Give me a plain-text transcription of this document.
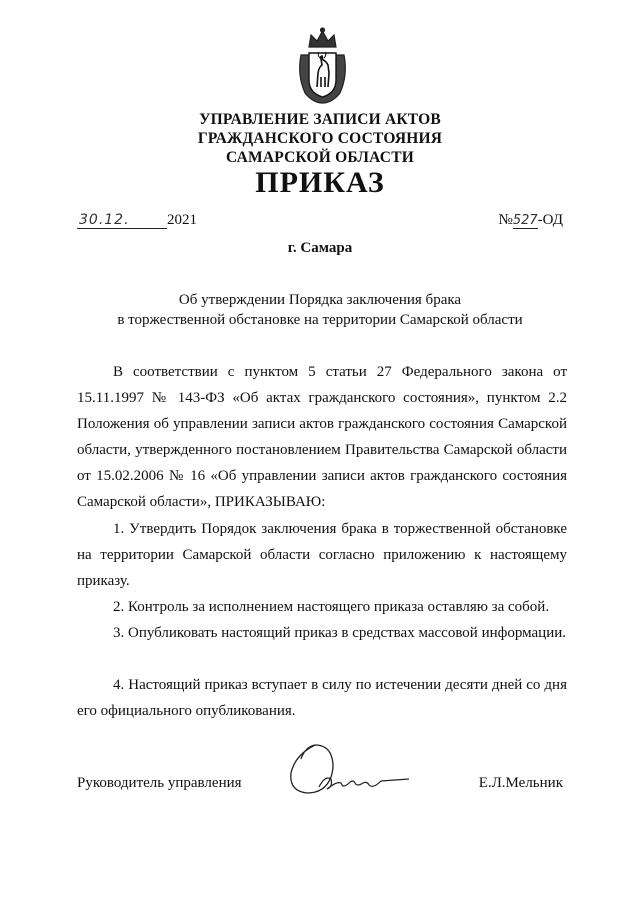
УПРАВЛЕНИЕ ЗАПИСИ АКТОВ
ГРАЖДАНСКОГО СОСТОЯНИЯ
САМАРСКОЙ ОБЛАСТИ
ПРИКАЗ
30.12. 2021	№527-ОД
г. Самара
Об утверждении Порядка заключения брака
в торжественной обстановке на территории Самарской области

В соответствии с пунктом 5 статьи 27 Федерального закона от 15.11.1997 № 143-ФЗ «Об актах гражданского состояния», пунктом 2.2 Положения об управлении записи актов гражданского состояния Самарской области, утвержденного постановлением Правительства Самарской области от 15.02.2006 № 16 «Об управлении записи актов гражданского состояния Самарской области», ПРИКАЗЫВАЮ:

1. Утвердить Порядок заключения брака в торжественной обстановке на территории Самарской области согласно приложению к настоящему приказу.

2. Контроль за исполнением настоящего приказа оставляю за собой.

3. Опубликовать настоящий приказ в средствах массовой информации.

4. Настоящий приказ вступает в силу по истечении десяти дней со дня его официального опубликования.

Руководитель управления	Е.Л.Мельник
